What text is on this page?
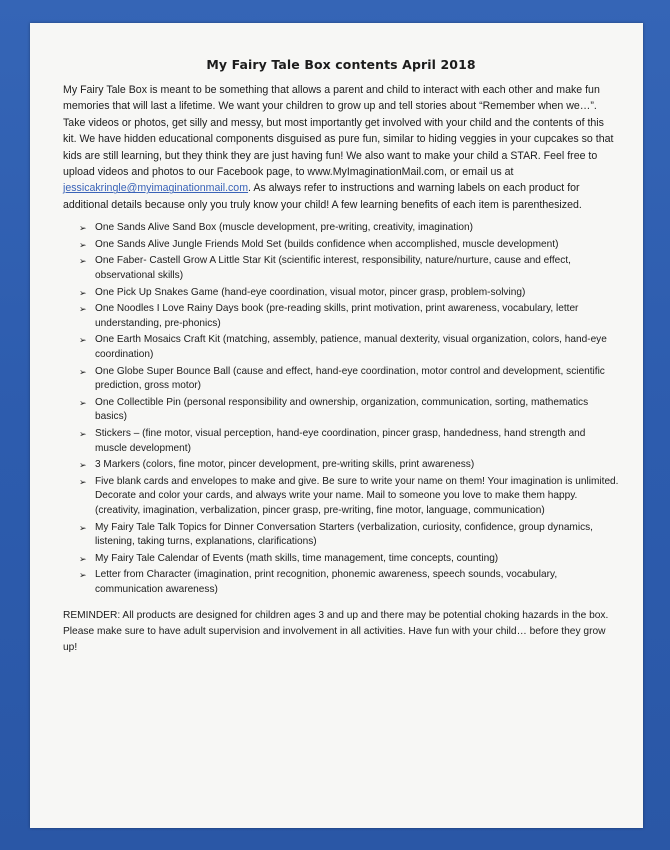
My Fairy Tale Box contents April 2018

My Fairy Tale Box is meant to be something that allows a parent and child to interact with each other and make fun memories that will last a lifetime. We want your children to grow up and tell stories about “Remember when we…”. Take videos or photos, get silly and messy, but most importantly get involved with your child and the contents of this kit. We have hidden educational components disguised as pure fun, similar to hiding veggies in your cupcakes so that kids are still learning, but they think they are just having fun! We also want to make your child a STAR. Feel free to upload videos and photos to our Facebook page, to www.MyImaginationMail.com, or email us at jessicakringle@myimaginationmail.com. As always refer to instructions and warning labels on each product for additional details because only you truly know your child! A few learning benefits of each item is parenthesized.

➢ One Sands Alive Sand Box (muscle development, pre-writing, creativity, imagination)
➢ One Sands Alive Jungle Friends Mold Set (builds confidence when accomplished, muscle development)
➢ One Faber- Castell Grow A Little Star Kit (scientific interest, responsibility, nature/nurture, cause and effect, observational skills)
➢ One Pick Up Snakes Game (hand-eye coordination, visual motor, pincer grasp, problem-solving)
➢ One Noodles I Love Rainy Days book (pre-reading skills, print motivation, print awareness, vocabulary, letter understanding, pre-phonics)
➢ One Earth Mosaics Craft Kit (matching, assembly, patience, manual dexterity, visual organization, colors, hand-eye coordination)
➢ One Globe Super Bounce Ball (cause and effect, hand-eye coordination, motor control and development, scientific prediction, gross motor)
➢ One Collectible Pin (personal responsibility and ownership, organization, communication, sorting, mathematics basics)
➢ Stickers – (fine motor, visual perception, hand-eye coordination, pincer grasp, handedness, hand strength and muscle development)
➢ 3 Markers (colors, fine motor, pincer development, pre-writing skills, print awareness)
➢ Five blank cards and envelopes to make and give. Be sure to write your name on them! Your imagination is unlimited. Decorate and color your cards, and always write your name. Mail to someone you love to make them happy. (creativity, imagination, verbalization, pincer grasp, pre-writing, fine motor, language, communication)
➢ My Fairy Tale Talk Topics for Dinner Conversation Starters (verbalization, curiosity, confidence, group dynamics, listening, taking turns, explanations, clarifications)
➢ My Fairy Tale Calendar of Events (math skills, time management, time concepts, counting)
➢ Letter from Character (imagination, print recognition, phonemic awareness, speech sounds, vocabulary, communication awareness)

REMINDER: All products are designed for children ages 3 and up and there may be potential choking hazards in the box. Please make sure to have adult supervision and involvement in all activities. Have fun with your child… before they grow up!
